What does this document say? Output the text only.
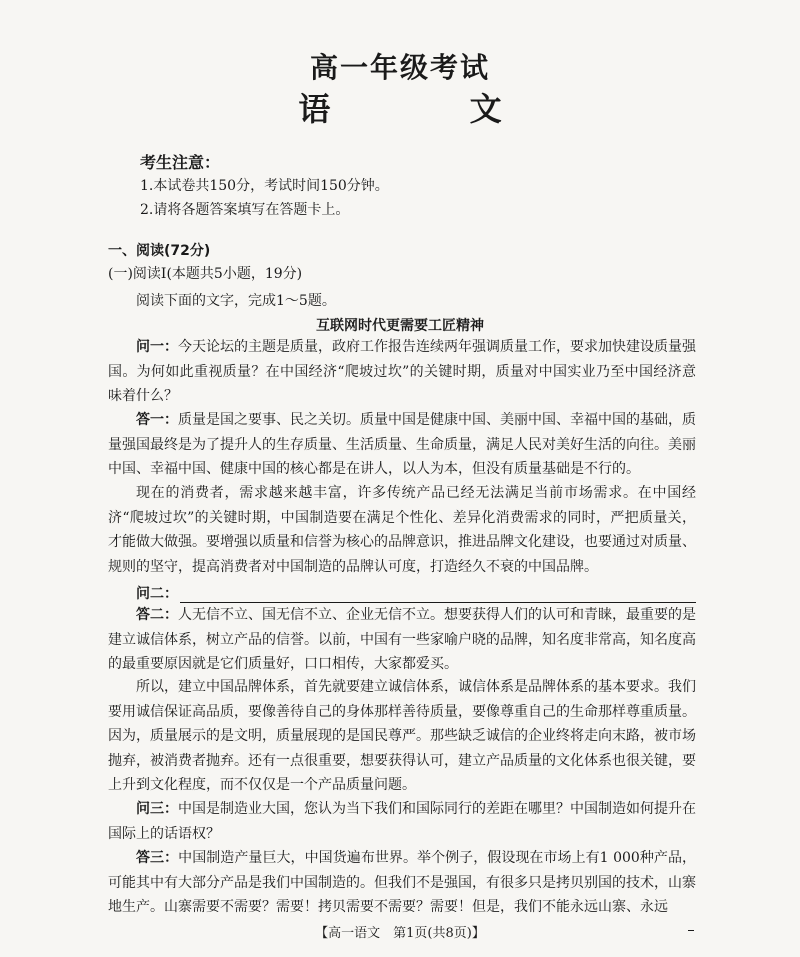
高一年级考试
语 文
考生注意：
1.本试卷共150分，考试时间150分钟。
2.请将各题答案填写在答题卡上。
一、阅读(72分)
(一)阅读Ⅰ(本题共5小题，19分)
阅读下面的文字，完成1～5题。
互联网时代更需要工匠精神
问一：今天论坛的主题是质量，政府工作报告连续两年强调质量工作，要求加快建设质量强国。为何如此重视质量？在中国经济“爬坡过坎”的关键时期，质量对中国实业乃至中国经济意味着什么？
答一：质量是国之要事、民之关切。质量中国是健康中国、美丽中国、幸福中国的基础，质量强国最终是为了提升人的生存质量、生活质量、生命质量，满足人民对美好生活的向往。美丽中国、幸福中国、健康中国的核心都是在讲人，以人为本，但没有质量基础是不行的。
现在的消费者，需求越来越丰富，许多传统产品已经无法满足当前市场需求。在中国经济“爬坡过坎”的关键时期，中国制造要在满足个性化、差异化消费需求的同时，严把质量关，才能做大做强。要增强以质量和信誉为核心的品牌意识，推进品牌文化建设，也要通过对质量、规则的坚守，提高消费者对中国制造的品牌认可度，打造经久不衰的中国品牌。
问二：
答二：人无信不立、国无信不立、企业无信不立。想要获得人们的认可和青睐，最重要的是建立诚信体系，树立产品的信誉。以前，中国有一些家喻户晓的品牌，知名度非常高，知名度高的最重要原因就是它们质量好，口口相传，大家都爱买。
所以，建立中国品牌体系，首先就要建立诚信体系，诚信体系是品牌体系的基本要求。我们要用诚信保证高品质，要像善待自己的身体那样善待质量，要像尊重自己的生命那样尊重质量。因为，质量展示的是文明，质量展现的是国民尊严。那些缺乏诚信的企业终将走向末路，被市场抛弃，被消费者抛弃。还有一点很重要，想要获得认可，建立产品质量的文化体系也很关键，要上升到文化程度，而不仅仅是一个产品质量问题。
问三：中国是制造业大国，您认为当下我们和国际同行的差距在哪里？中国制造如何提升在国际上的话语权？
答三：中国制造产量巨大，中国货遍布世界。举个例子，假设现在市场上有1 000种产品，可能其中有大部分产品是我们中国制造的。但我们不是强国，有很多只是拷贝别国的技术，山寨地生产。山寨需要不需要？需要！拷贝需要不需要？需要！但是，我们不能永远山寨、永远
【高一语文　第1页(共8页)】
